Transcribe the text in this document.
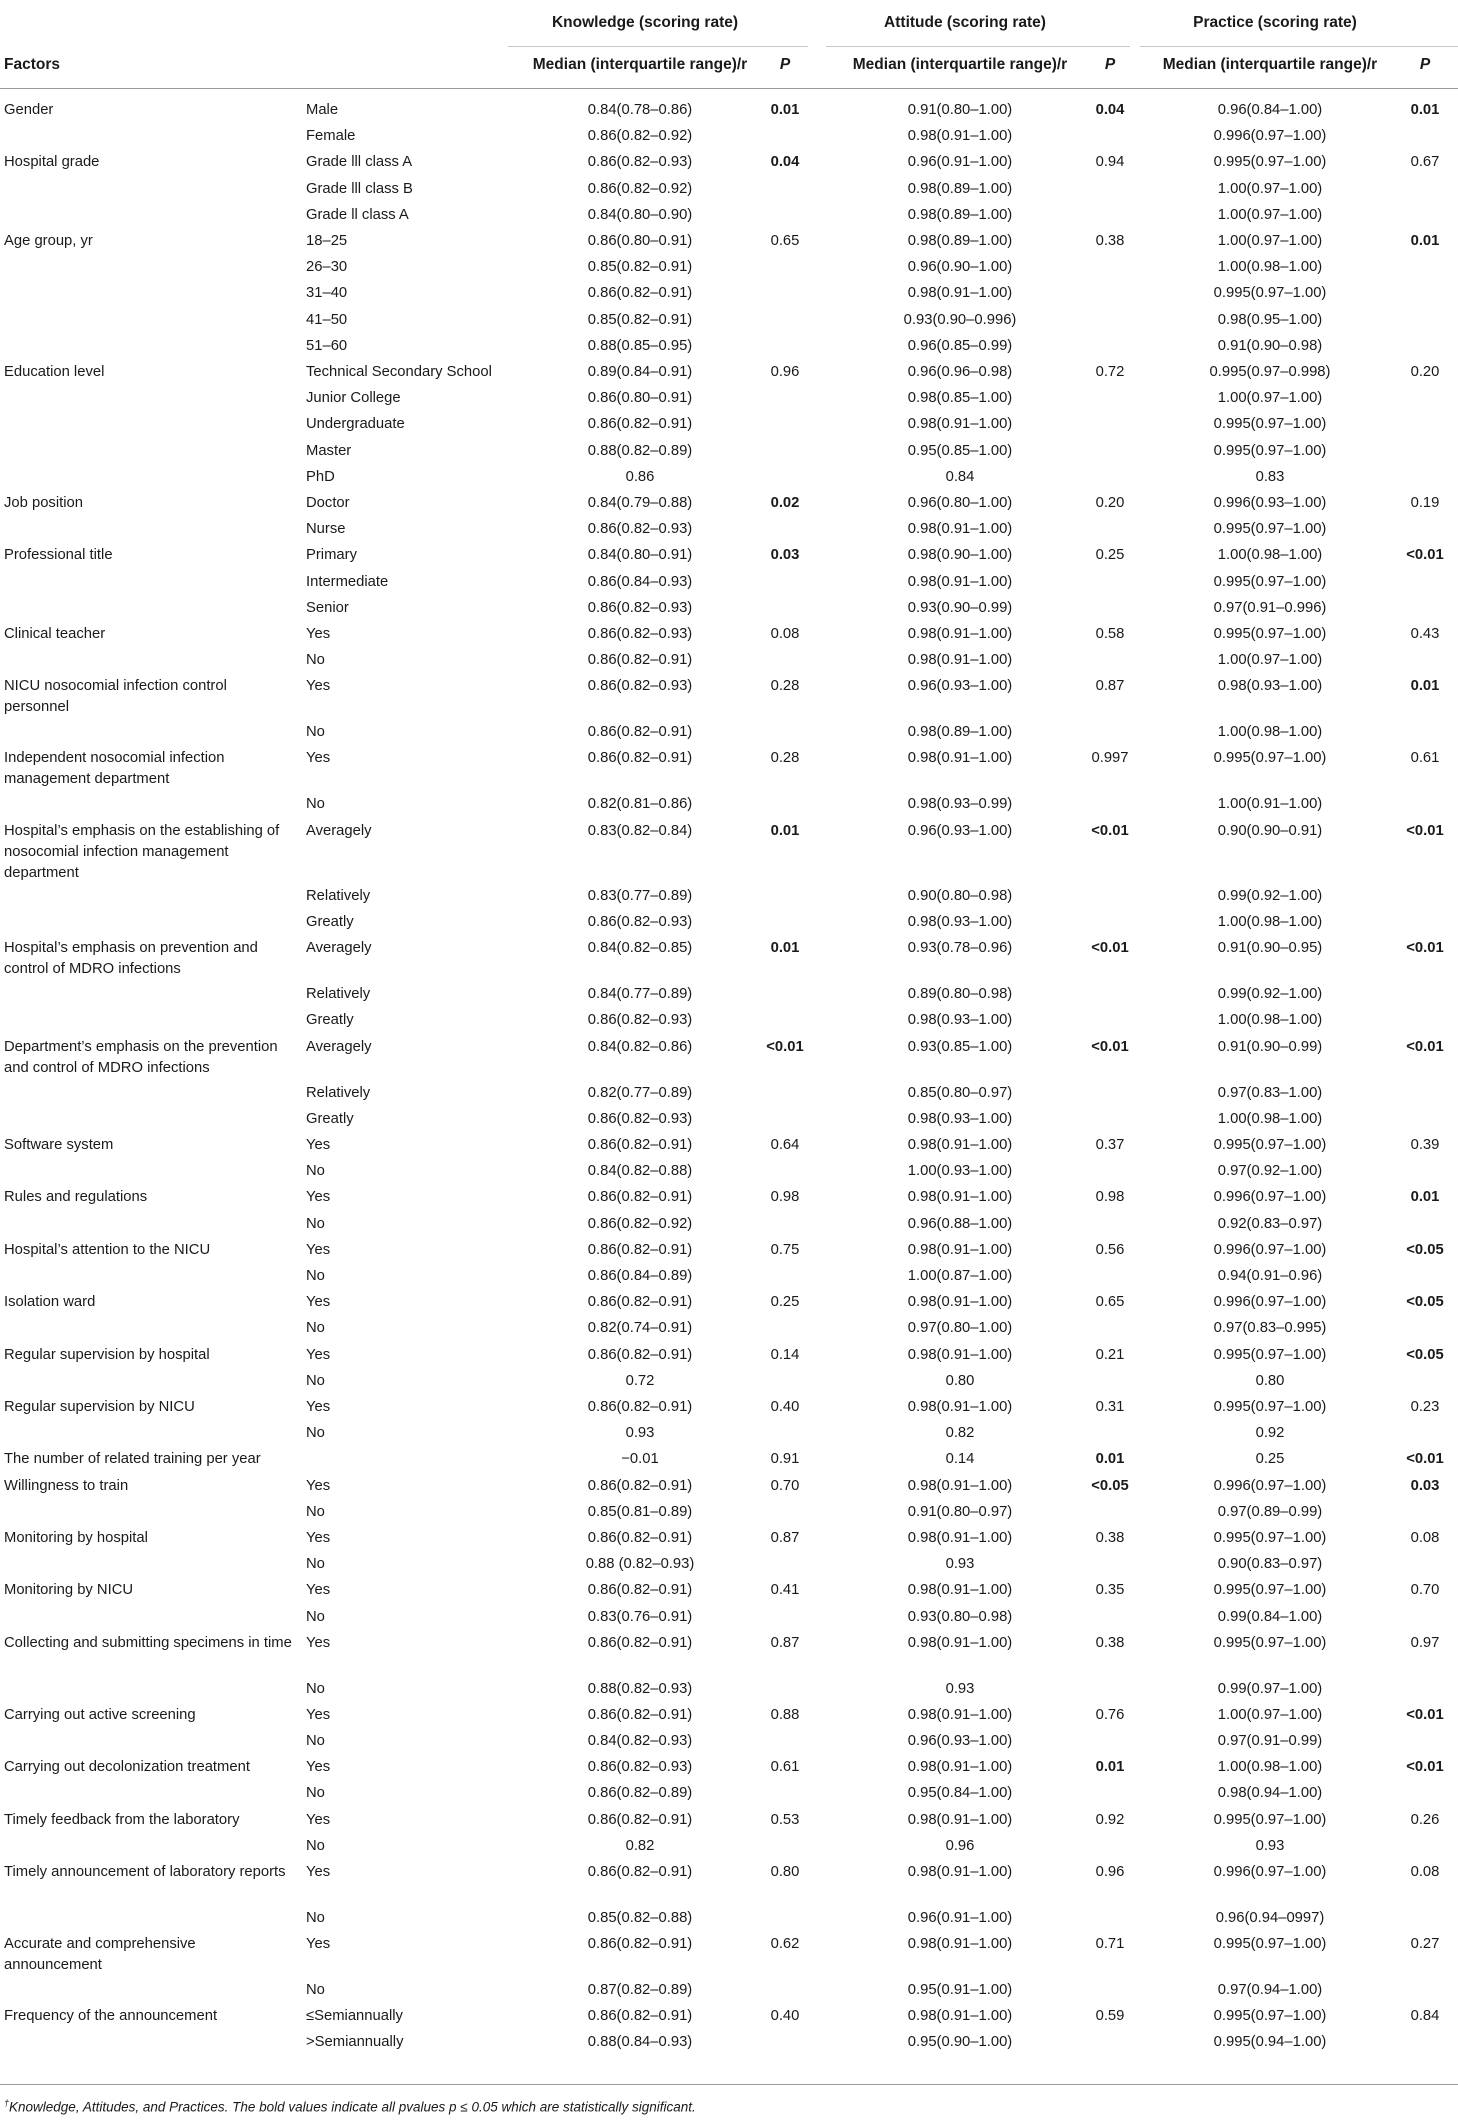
Knowledge (scoring rate)	Attitude (scoring rate)	Practice (scoring rate)
Factors	Median (interquartile range)/r	P	Median (interquartile range)/r	P	Median (interquartile range)/r	P
Gender	Male	0.84(0.78–0.86)	0.01	0.91(0.80–1.00)	0.04	0.96(0.84–1.00)	0.01
Female	0.86(0.82–0.92)	0.98(0.91–1.00)	0.996(0.97–1.00)
Hospital grade	Grade lll class A	0.86(0.82–0.93)	0.04	0.96(0.91–1.00)	0.94	0.995(0.97–1.00)	0.67
Grade lll class B	0.86(0.82–0.92)	0.98(0.89–1.00)	1.00(0.97–1.00)
Grade ll class A	0.84(0.80–0.90)	0.98(0.89–1.00)	1.00(0.97–1.00)
Age group, yr	18–25	0.86(0.80–0.91)	0.65	0.98(0.89–1.00)	0.38	1.00(0.97–1.00)	0.01
26–30	0.85(0.82–0.91)	0.96(0.90–1.00)	1.00(0.98–1.00)
31–40	0.86(0.82–0.91)	0.98(0.91–1.00)	0.995(0.97–1.00)
41–50	0.85(0.82–0.91)	0.93(0.90–0.996)	0.98(0.95–1.00)
51–60	0.88(0.85–0.95)	0.96(0.85–0.99)	0.91(0.90–0.98)
Education level	Technical Secondary School	0.89(0.84–0.91)	0.96	0.96(0.96–0.98)	0.72	0.995(0.97–0.998)	0.20
Junior College	0.86(0.80–0.91)	0.98(0.85–1.00)	1.00(0.97–1.00)
Undergraduate	0.86(0.82–0.91)	0.98(0.91–1.00)	0.995(0.97–1.00)
Master	0.88(0.82–0.89)	0.95(0.85–1.00)	0.995(0.97–1.00)
PhD	0.86	0.84	0.83
Job position	Doctor	0.84(0.79–0.88)	0.02	0.96(0.80–1.00)	0.20	0.996(0.93–1.00)	0.19
Nurse	0.86(0.82–0.93)	0.98(0.91–1.00)	0.995(0.97–1.00)
Professional title	Primary	0.84(0.80–0.91)	0.03	0.98(0.90–1.00)	0.25	1.00(0.98–1.00)	<0.01
Intermediate	0.86(0.84–0.93)	0.98(0.91–1.00)	0.995(0.97–1.00)
Senior	0.86(0.82–0.93)	0.93(0.90–0.99)	0.97(0.91–0.996)
Clinical teacher	Yes	0.86(0.82–0.93)	0.08	0.98(0.91–1.00)	0.58	0.995(0.97–1.00)	0.43
No	0.86(0.82–0.91)	0.98(0.91–1.00)	1.00(0.97–1.00)
NICU nosocomial infection control personnel
Yes	0.86(0.82–0.93)	0.28	0.96(0.93–1.00)	0.87	0.98(0.93–1.00)	0.01
No	0.86(0.82–0.91)	0.98(0.89–1.00)	1.00(0.98–1.00)
Independent nosocomial infection management department
Yes	0.86(0.82–0.91)	0.28	0.98(0.91–1.00)	0.997	0.995(0.97–1.00)	0.61
No	0.82(0.81–0.86)	0.98(0.93–0.99)	1.00(0.91–1.00)
Hospital’s emphasis on the establishing of nosocomial infection management department
Averagely	0.83(0.82–0.84)	0.01	0.96(0.93–1.00)	<0.01	0.90(0.90–0.91)	<0.01
Relatively	0.83(0.77–0.89)	0.90(0.80–0.98)	0.99(0.92–1.00)
Greatly	0.86(0.82–0.93)	0.98(0.93–1.00)	1.00(0.98–1.00)
Hospital’s emphasis on prevention and control of MDRO infections
Averagely	0.84(0.82–0.85)	0.01	0.93(0.78–0.96)	<0.01	0.91(0.90–0.95)	<0.01
Relatively	0.84(0.77–0.89)	0.89(0.80–0.98)	0.99(0.92–1.00)
Greatly	0.86(0.82–0.93)	0.98(0.93–1.00)	1.00(0.98–1.00)
Department’s emphasis on the prevention and control of MDRO infections
Averagely	0.84(0.82–0.86)	<0.01	0.93(0.85–1.00)	<0.01	0.91(0.90–0.99)	<0.01
Relatively	0.82(0.77–0.89)	0.85(0.80–0.97)	0.97(0.83–1.00)
Greatly	0.86(0.82–0.93)	0.98(0.93–1.00)	1.00(0.98–1.00)
Software system	Yes	0.86(0.82–0.91)	0.64	0.98(0.91–1.00)	0.37	0.995(0.97–1.00)	0.39
No	0.84(0.82–0.88)	1.00(0.93–1.00)	0.97(0.92–1.00)
Rules and regulations	Yes	0.86(0.82–0.91)	0.98	0.98(0.91–1.00)	0.98	0.996(0.97–1.00)	0.01
No	0.86(0.82–0.92)	0.96(0.88–1.00)	0.92(0.83–0.97)
Hospital’s attention to the NICU	Yes	0.86(0.82–0.91)	0.75	0.98(0.91–1.00)	0.56	0.996(0.97–1.00)	<0.05
No	0.86(0.84–0.89)	1.00(0.87–1.00)	0.94(0.91–0.96)
Isolation ward	Yes	0.86(0.82–0.91)	0.25	0.98(0.91–1.00)	0.65	0.996(0.97–1.00)	<0.05
No	0.82(0.74–0.91)	0.97(0.80–1.00)	0.97(0.83–0.995)
Regular supervision by hospital	Yes	0.86(0.82–0.91)	0.14	0.98(0.91–1.00)	0.21	0.995(0.97–1.00)	<0.05
No	0.72	0.80	0.80
Regular supervision by NICU	Yes	0.86(0.82–0.91)	0.40	0.98(0.91–1.00)	0.31	0.995(0.97–1.00)	0.23
No	0.93	0.82	0.92
The number of related training per year	−0.01	0.91	0.14	0.01	0.25	<0.01
Willingness to train	Yes	0.86(0.82–0.91)	0.70	0.98(0.91–1.00)	<0.05	0.996(0.97–1.00)	0.03
No	0.85(0.81–0.89)	0.91(0.80–0.97)	0.97(0.89–0.99)
Monitoring by hospital	Yes	0.86(0.82–0.91)	0.87	0.98(0.91–1.00)	0.38	0.995(0.97–1.00)	0.08
No	0.88 (0.82–0.93)	0.93	0.90(0.83–0.97)
Monitoring by NICU	Yes	0.86(0.82–0.91)	0.41	0.98(0.91–1.00)	0.35	0.995(0.97–1.00)	0.70
No	0.83(0.76–0.91)	0.93(0.80–0.98)	0.99(0.84–1.00)
Collecting and submitting specimens in time Yes	0.86(0.82–0.91)	0.87	0.98(0.91–1.00)	0.38	0.995(0.97–1.00)	0.97
No	0.88(0.82–0.93)	0.93	0.99(0.97–1.00)
Carrying out active screening	Yes	0.86(0.82–0.91)	0.88	0.98(0.91–1.00)	0.76	1.00(0.97–1.00)	<0.01
No	0.84(0.82–0.93)	0.96(0.93–1.00)	0.97(0.91–0.99)
Carrying out decolonization treatment	Yes	0.86(0.82–0.93)	0.61	0.98(0.91–1.00)	0.01	1.00(0.98–1.00)	<0.01
No	0.86(0.82–0.89)	0.95(0.84–1.00)	0.98(0.94–1.00)
Timely feedback from the laboratory	Yes	0.86(0.82–0.91)	0.53	0.98(0.91–1.00)	0.92	0.995(0.97–1.00)	0.26
No	0.82	0.96	0.93
Timely announcement of laboratory reports	Yes	0.86(0.82–0.91)	0.80	0.98(0.91–1.00)	0.96	0.996(0.97–1.00)	0.08
No	0.85(0.82–0.88)	0.96(0.91–1.00)	0.96(0.94–0997)
Accurate and comprehensive announcement
Yes	0.86(0.82–0.91)	0.62	0.98(0.91–1.00)	0.71	0.995(0.97–1.00)	0.27
No	0.87(0.82–0.89)	0.95(0.91–1.00)	0.97(0.94–1.00)
Frequency of the announcement	≤Semiannually	0.86(0.82–0.91)	0.40	0.98(0.91–1.00)	0.59	0.995(0.97–1.00)	0.84
>Semiannually	0.88(0.84–0.93)	0.95(0.90–1.00)	0.995(0.94–1.00)
†Knowledge, Attitudes, and Practices. The bold values indicate all pvalues p ≤ 0.05 which are statistically significant.
